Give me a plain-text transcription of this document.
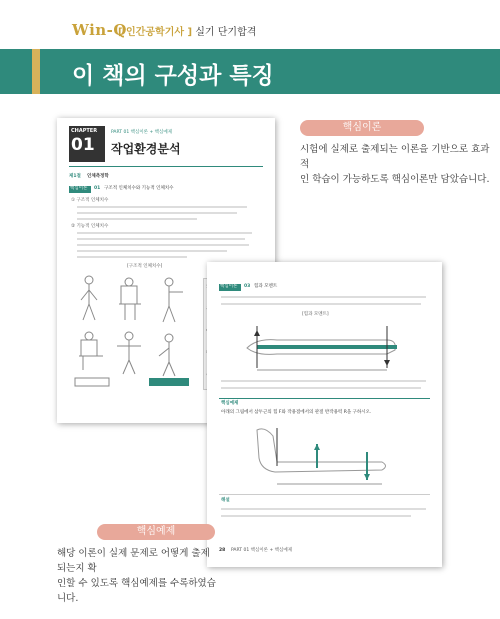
Win-Q
[ 인간공학기사 ] 실기 단기합격
이 책의 구성과 특징
핵심이론
시험에 실제로 출제되는 이론을 기반으로 효과적
인 학습이 가능하도록 핵심이론만 담았습니다.
CHAPTER
01
PART 01 핵심이론 + 핵심예제
작업환경분석
제1절 인체측정학
핵심이론 01 구조적 인체치수와 기능적 인체치수
① 구조적 인체치수
② 기능적 인체치수
[구조적 인체치수]
핵심이론 03 힘과 모멘트
[힘과 모멘트]
핵심예제
아래의 그림에서 삼두근의 힘 F와 작용점에서의 관절 반작용력 R을 구하시오.
해설
28 PART 01 핵심이론 + 핵심예제
핵심예제
해당 이론이 실제 문제로 어떻게 출제되는지 확
인할 수 있도록 핵심예제를 수록하였습니다.
